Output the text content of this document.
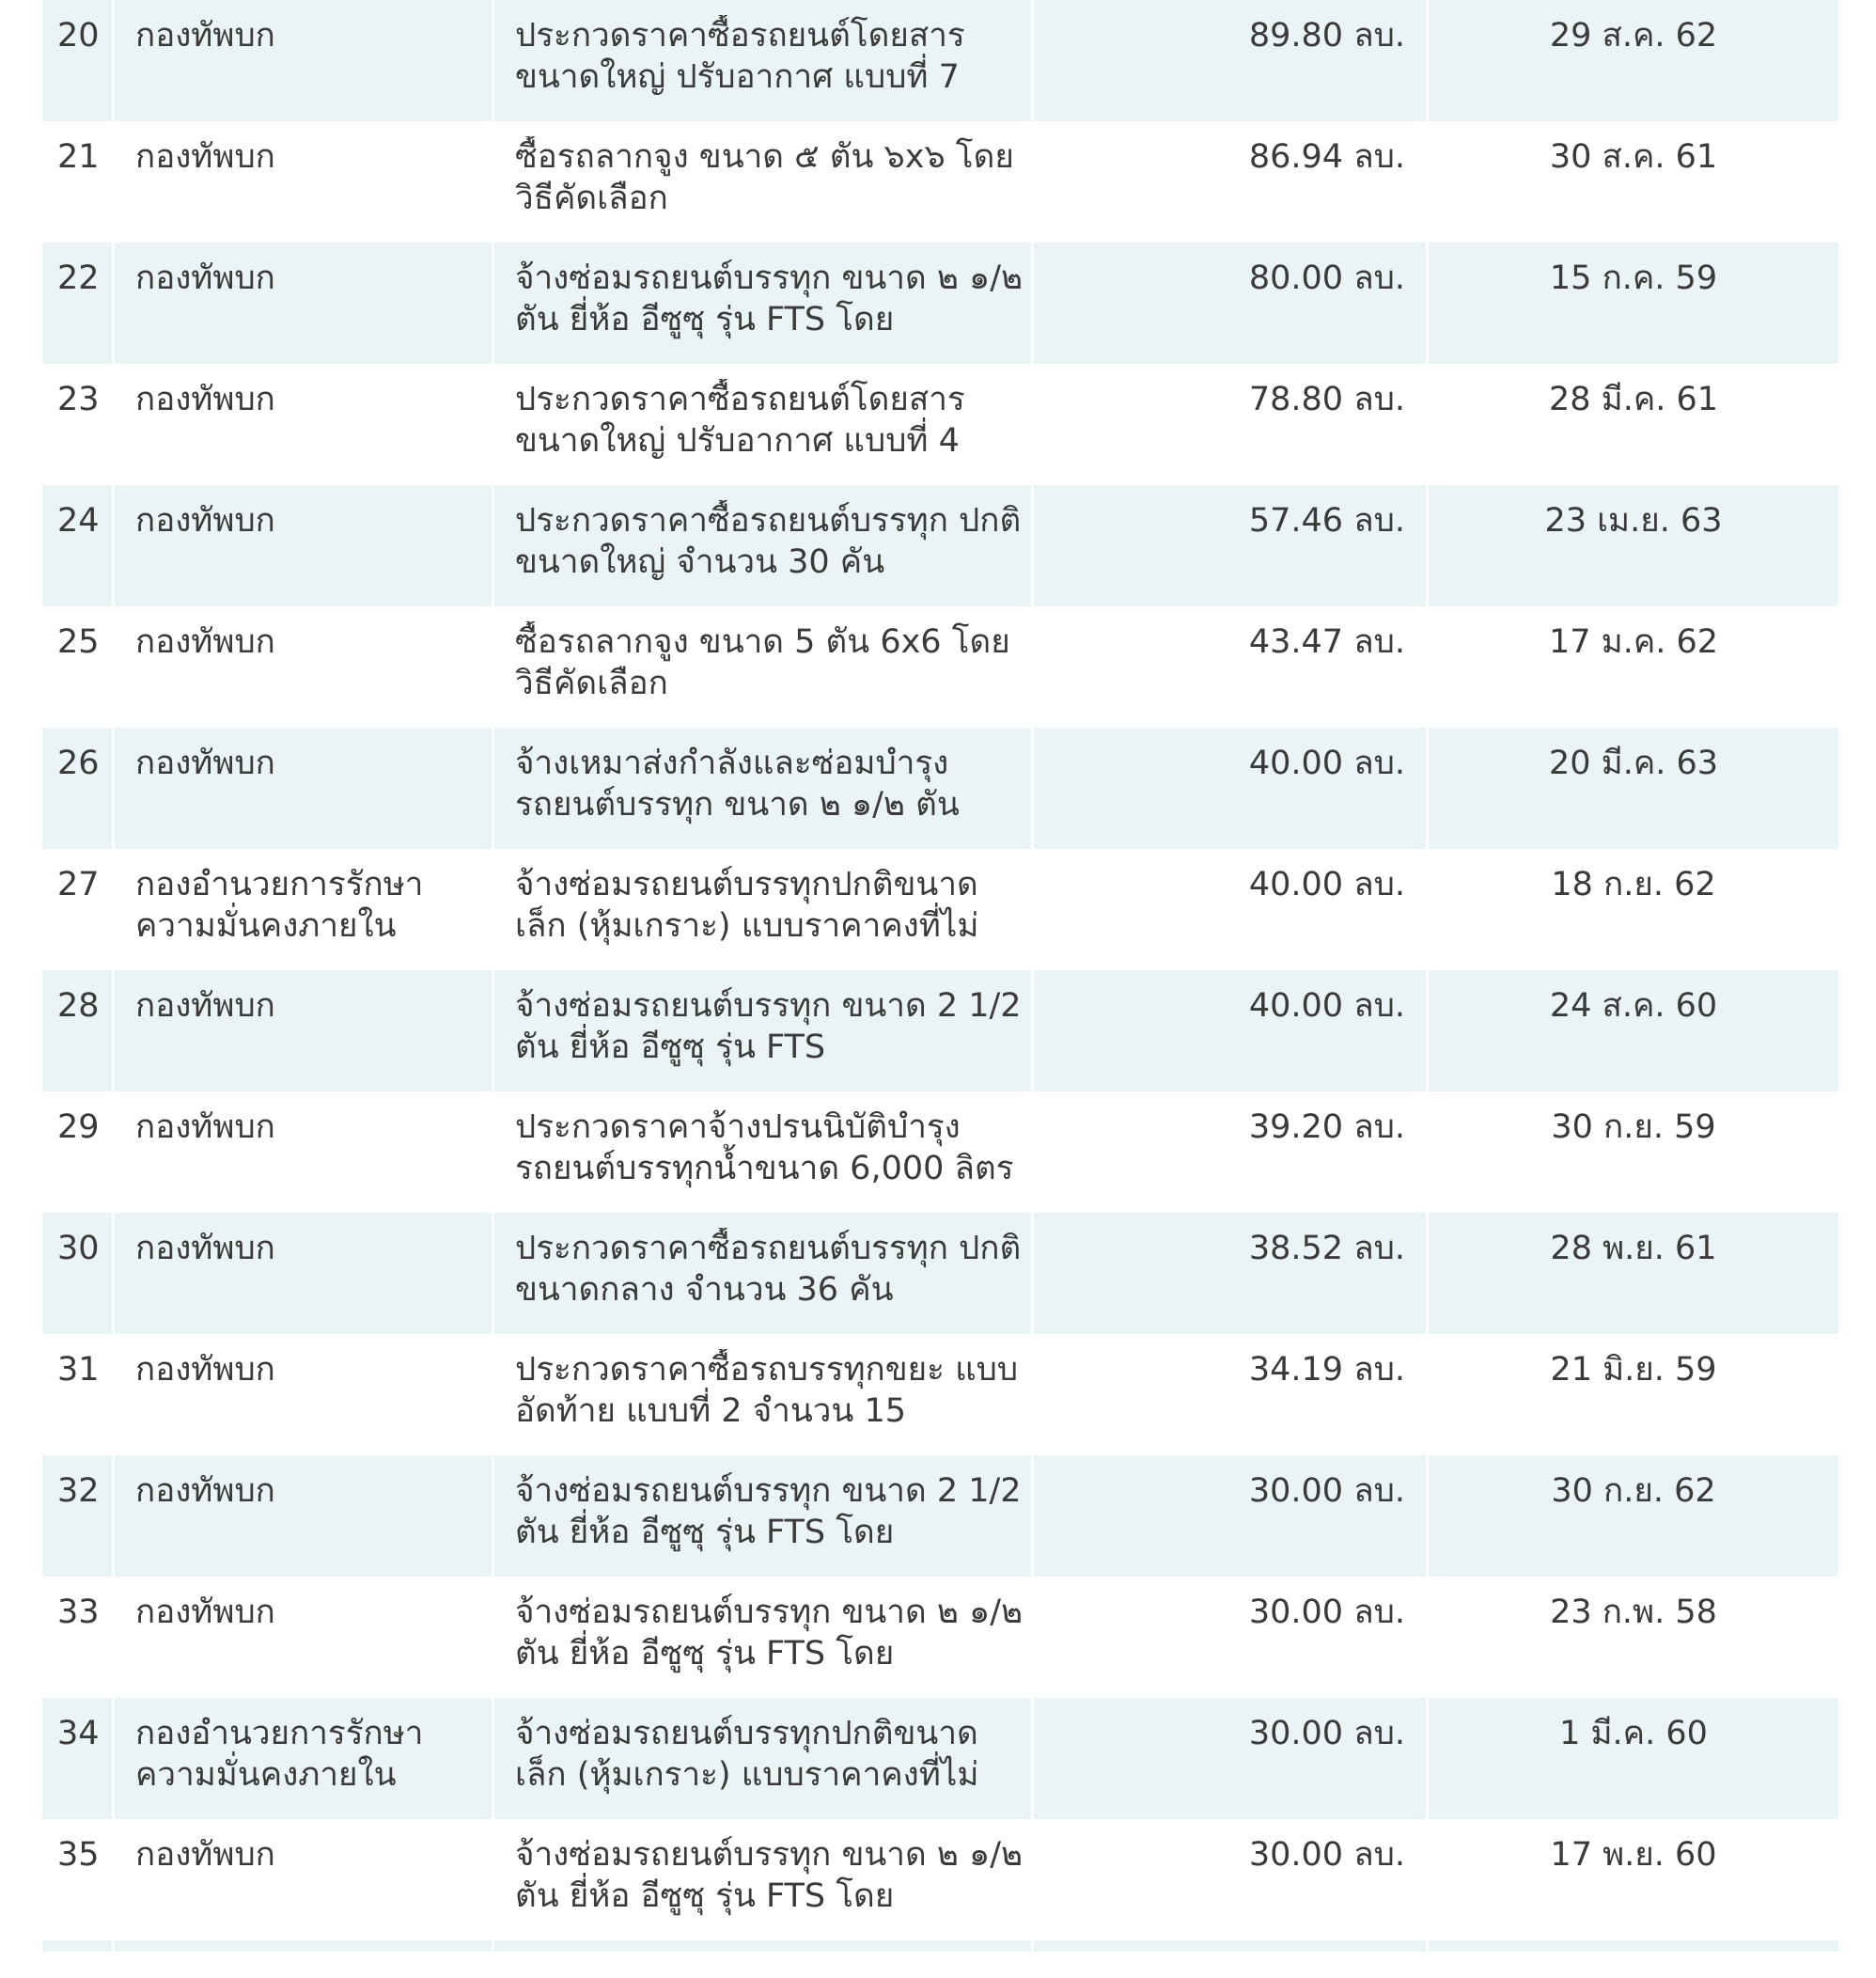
20	กองทัพบก	ประกวดราคาซื้อรถยนต์โดยสาร ขนาดใหญ่ ปรับอากาศ แบบที่ 7	89.80 ลบ.	29 ส.ค. 62

21	กองทัพบก	ซื้อรถลากจูง ขนาด ๕ ตัน ๖x๖ โดยวิธีคัดเลือก	86.94 ลบ.	30 ส.ค. 61

22	กองทัพบก	จ้างซ่อมรถยนต์บรรทุก ขนาด ๒ ๑/๒ ตัน ยี่ห้อ อีซูซุ รุ่น FTS โดย	80.00 ลบ.	15 ก.ค. 59

23	กองทัพบก	ประกวดราคาซื้อรถยนต์โดยสาร ขนาดใหญ่ ปรับอากาศ แบบที่ 4	78.80 ลบ.	28 มี.ค. 61

24	กองทัพบก	ประกวดราคาซื้อรถยนต์บรรทุก ปกติขนาดใหญ่ จำนวน 30 คัน	57.46 ลบ.	23 เม.ย. 63

25	กองทัพบก	ซื้อรถลากจูง ขนาด 5 ตัน 6x6 โดยวิธีคัดเลือก	43.47 ลบ.	17 ม.ค. 62

26	กองทัพบก	จ้างเหมาส่งกำลังและซ่อมบำรุง รถยนต์บรรทุก ขนาด ๒ ๑/๒ ตัน	40.00 ลบ.	20 มี.ค. 63

27	กองอำนวยการรักษา ความมั่นคงภายใน	จ้างซ่อมรถยนต์บรรทุกปกติขนาด เล็ก (หุ้มเกราะ) แบบราคาคงที่ไม่	40.00 ลบ.	18 ก.ย. 62

28	กองทัพบก	จ้างซ่อมรถยนต์บรรทุก ขนาด 2 1/2 ตัน ยี่ห้อ อีซูซุ รุ่น FTS	40.00 ลบ.	24 ส.ค. 60

29	กองทัพบก	ประกวดราคาจ้างปรนนิบัติบำรุง รถยนต์บรรทุกน้ำขนาด 6,000 ลิตร	39.20 ลบ.	30 ก.ย. 59

30	กองทัพบก	ประกวดราคาซื้อรถยนต์บรรทุก ปกติขนาดกลาง จำนวน 36 คัน	38.52 ลบ.	28 พ.ย. 61

31	กองทัพบก	ประกวดราคาซื้อรถบรรทุกขยะ แบบอัดท้าย แบบที่ 2 จำนวน 15	34.19 ลบ.	21 มิ.ย. 59

32	กองทัพบก	จ้างซ่อมรถยนต์บรรทุก ขนาด 2 1/2 ตัน ยี่ห้อ อีซูซุ รุ่น FTS โดย	30.00 ลบ.	30 ก.ย. 62

33	กองทัพบก	จ้างซ่อมรถยนต์บรรทุก ขนาด ๒ ๑/๒ ตัน ยี่ห้อ อีซูซุ รุ่น FTS โดย	30.00 ลบ.	23 ก.พ. 58

34	กองอำนวยการรักษา ความมั่นคงภายใน	จ้างซ่อมรถยนต์บรรทุกปกติขนาด เล็ก (หุ้มเกราะ) แบบราคาคงที่ไม่	30.00 ลบ.	1 มี.ค. 60

35	กองทัพบก	จ้างซ่อมรถยนต์บรรทุก ขนาด ๒ ๑/๒ ตัน ยี่ห้อ อีซูซุ รุ่น FTS โดย	30.00 ลบ.	17 พ.ย. 60
